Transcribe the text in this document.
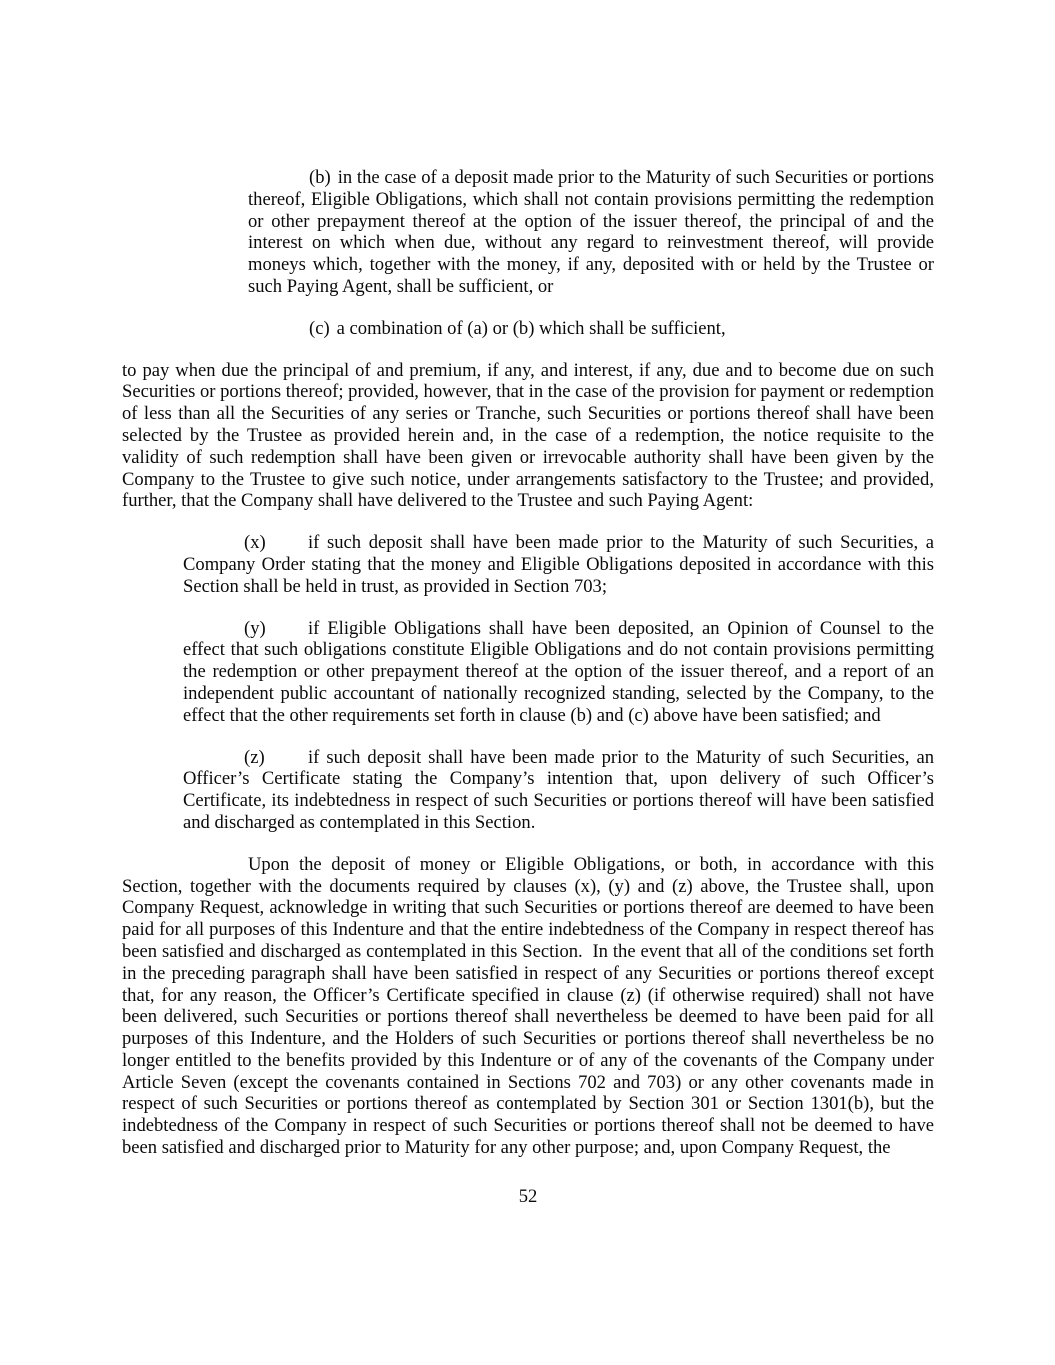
(b) in the case of a deposit made prior to the Maturity of such Securities or portions thereof, Eligible Obligations, which shall not contain provisions permitting the redemption or other prepayment thereof at the option of the issuer thereof, the principal of and the interest on which when due, without any regard to reinvestment thereof, will provide moneys which, together with the money, if any, deposited with or held by the Trustee or such Paying Agent, shall be sufficient, or

(c) a combination of (a) or (b) which shall be sufficient,

to pay when due the principal of and premium, if any, and interest, if any, due and to become due on such Securities or portions thereof; provided, however, that in the case of the provision for payment or redemption of less than all the Securities of any series or Tranche, such Securities or portions thereof shall have been selected by the Trustee as provided herein and, in the case of a redemption, the notice requisite to the validity of such redemption shall have been given or irrevocable authority shall have been given by the Company to the Trustee to give such notice, under arrangements satisfactory to the Trustee; and provided, further, that the Company shall have delivered to the Trustee and such Paying Agent:

(x) if such deposit shall have been made prior to the Maturity of such Securities, a Company Order stating that the money and Eligible Obligations deposited in accordance with this Section shall be held in trust, as provided in Section 703;

(y) if Eligible Obligations shall have been deposited, an Opinion of Counsel to the effect that such obligations constitute Eligible Obligations and do not contain provisions permitting the redemption or other prepayment thereof at the option of the issuer thereof, and a report of an independent public accountant of nationally recognized standing, selected by the Company, to the effect that the other requirements set forth in clause (b) and (c) above have been satisfied; and

(z) if such deposit shall have been made prior to the Maturity of such Securities, an Officer’s Certificate stating the Company’s intention that, upon delivery of such Officer’s Certificate, its indebtedness in respect of such Securities or portions thereof will have been satisfied and discharged as contemplated in this Section.

Upon the deposit of money or Eligible Obligations, or both, in accordance with this Section, together with the documents required by clauses (x), (y) and (z) above, the Trustee shall, upon Company Request, acknowledge in writing that such Securities or portions thereof are deemed to have been paid for all purposes of this Indenture and that the entire indebtedness of the Company in respect thereof has been satisfied and discharged as contemplated in this Section.  In the event that all of the conditions set forth in the preceding paragraph shall have been satisfied in respect of any Securities or portions thereof except that, for any reason, the Officer’s Certificate specified in clause (z) (if otherwise required) shall not have been delivered, such Securities or portions thereof shall nevertheless be deemed to have been paid for all purposes of this Indenture, and the Holders of such Securities or portions thereof shall nevertheless be no longer entitled to the benefits provided by this Indenture or of any of the covenants of the Company under Article Seven (except the covenants contained in Sections 702 and 703) or any other covenants made in respect of such Securities or portions thereof as contemplated by Section 301 or Section 1301(b), but the indebtedness of the Company in respect of such Securities or portions thereof shall not be deemed to have been satisfied and discharged prior to Maturity for any other purpose; and, upon Company Request, the

52
